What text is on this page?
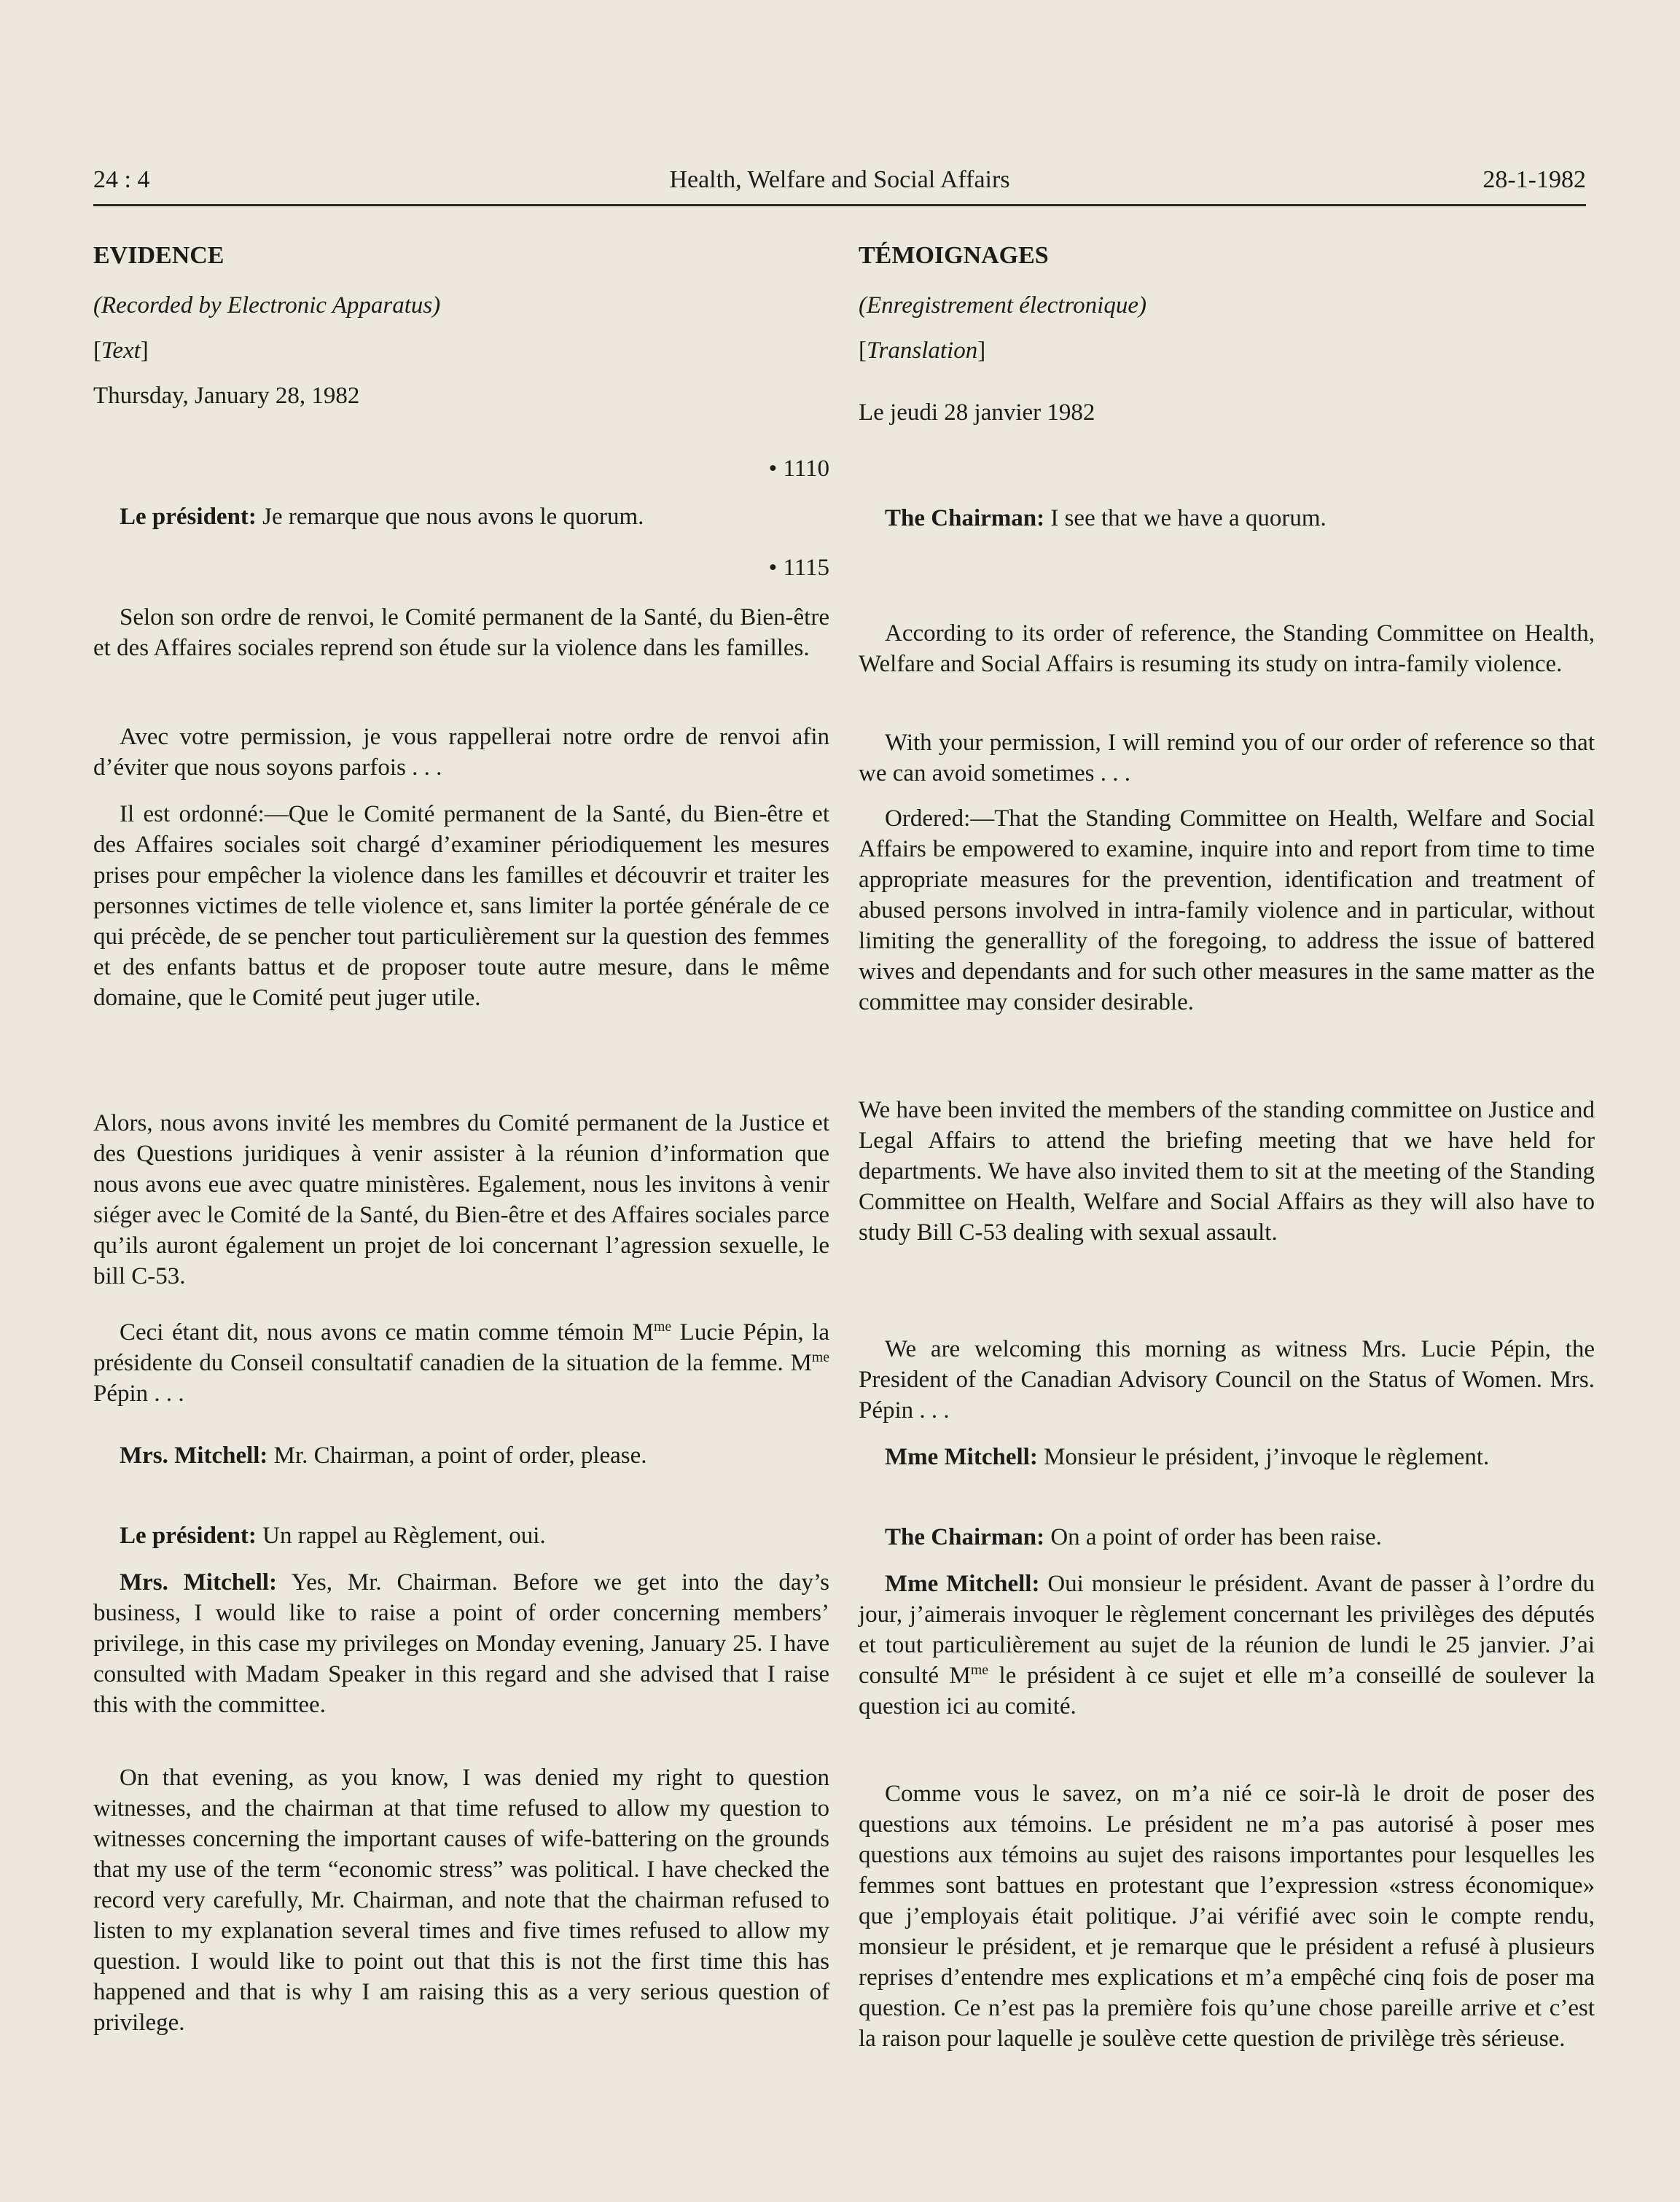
24 : 4	Health, Welfare and Social Affairs	28-1-1982

EVIDENCE

(Recorded by Electronic Apparatus)

[Text]

Thursday, January 28, 1982

• 1110

Le président: Je remarque que nous avons le quorum.

• 1115

Selon son ordre de renvoi, le Comité permanent de la Santé, du Bien-être et des Affaires sociales reprend son étude sur la violence dans les familles.

Avec votre permission, je vous rappellerai notre ordre de renvoi afin d’éviter que nous soyons parfois . . .

Il est ordonné:—Que le Comité permanent de la Santé, du Bien-être et des Affaires sociales soit chargé d’examiner périodiquement les mesures prises pour empêcher la violence dans les familles et découvrir et traiter les personnes victimes de telle violence et, sans limiter la portée générale de ce qui précède, de se pencher tout particulièrement sur la question des femmes et des enfants battus et de proposer toute autre mesure, dans le même domaine, que le Comité peut juger utile.

Alors, nous avons invité les membres du Comité permanent de la Justice et des Questions juridiques à venir assister à la réunion d’information que nous avons eue avec quatre ministères. Egalement, nous les invitons à venir siéger avec le Comité de la Santé, du Bien-être et des Affaires sociales parce qu’ils auront également un projet de loi concernant l’agression sexuelle, le bill C-53.

Ceci étant dit, nous avons ce matin comme témoin $M^{me}$ Lucie Pépin, la présidente du Conseil consultatif canadien de la situation de la femme. $M^{me}$ Pépin . . .

Mrs. Mitchell: Mr. Chairman, a point of order, please.

Le président: Un rappel au Règlement, oui.

Mrs. Mitchell: Yes, Mr. Chairman. Before we get into the day’s business, I would like to raise a point of order concerning members’ privilege, in this case my privileges on Monday evening, January 25. I have consulted with Madam Speaker in this regard and she advised that I raise this with the committee.

On that evening, as you know, I was denied my right to question witnesses, and the chairman at that time refused to allow my question to witnesses concerning the important causes of wife-battering on the grounds that my use of the term “economic stress” was political. I have checked the record very carefully, Mr. Chairman, and note that the chairman refused to listen to my explanation several times and five times refused to allow my question. I would like to point out that this is not the first time this has happened and that is why I am raising this as a very serious question of privilege.

TÉMOIGNAGES

(Enregistrement électronique)

[Translation]

Le jeudi 28 janvier 1982

The Chairman: I see that we have a quorum.

According to its order of reference, the Standing Committee on Health, Welfare and Social Affairs is resuming its study on intra-family violence.

With your permission, I will remind you of our order of reference so that we can avoid sometimes . . .

Ordered:—That the Standing Committee on Health, Welfare and Social Affairs be empowered to examine, inquire into and report from time to time appropriate measures for the prevention, identification and treatment of abused persons involved in intra-family violence and in particular, without limiting the generallity of the foregoing, to address the issue of battered wives and dependants and for such other measures in the same matter as the committee may consider desirable.

We have been invited the members of the standing committee on Justice and Legal Affairs to attend the briefing meeting that we have held for departments. We have also invited them to sit at the meeting of the Standing Committee on Health, Welfare and Social Affairs as they will also have to study Bill C-53 dealing with sexual assault.

We are welcoming this morning as witness Mrs. Lucie Pépin, the President of the Canadian Advisory Council on the Status of Women. Mrs. Pépin . . .

Mme Mitchell: Monsieur le président, j’invoque le règlement.

The Chairman: On a point of order has been raise.

Mme Mitchell: Oui monsieur le président. Avant de passer à l’ordre du jour, j’aimerais invoquer le règlement concernant les privilèges des députés et tout particulièrement au sujet de la réunion de lundi le 25 janvier. J’ai consulté $M^{me}$ le président à ce sujet et elle m’a conseillé de soulever la question ici au comité.

Comme vous le savez, on m’a nié ce soir-là le droit de poser des questions aux témoins. Le président ne m’a pas autorisé à poser mes questions aux témoins au sujet des raisons importantes pour lesquelles les femmes sont battues en protestant que l’expression «stress économique» que j’employais était politique. J’ai vérifié avec soin le compte rendu, monsieur le président, et je remarque que le président a refusé à plusieurs reprises d’entendre mes explications et m’a empêché cinq fois de poser ma question. Ce n’est pas la première fois qu’une chose pareille arrive et c’est la raison pour laquelle je soulève cette question de privilège très sérieuse.
